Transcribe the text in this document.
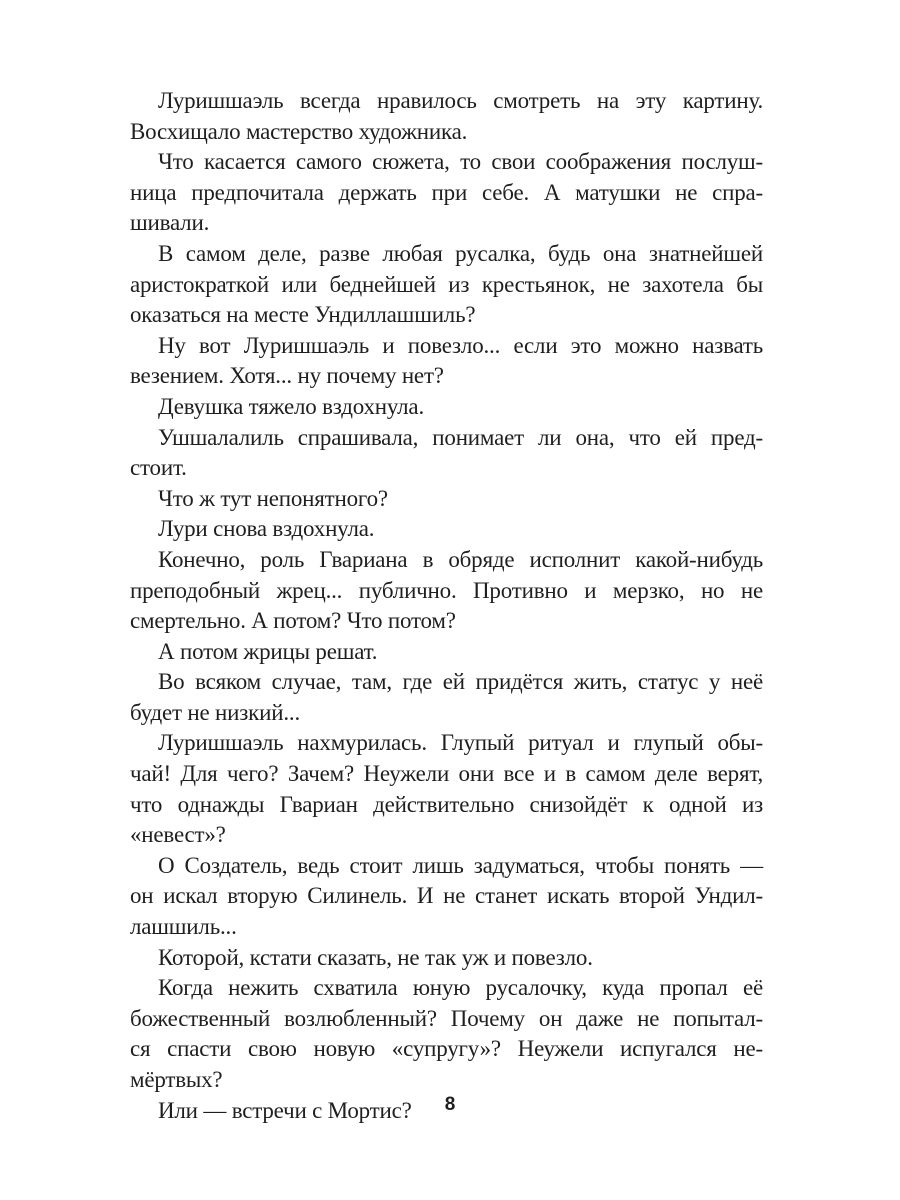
Луришшаэль всегда нравилось смотреть на эту картину.
Восхищало мастерство художника.
Что касается самого сюжета, то свои соображения послуш-
ница предпочитала держать при себе. А матушки не спра-
шивали.
В самом деле, разве любая русалка, будь она знатнейшей
аристократкой или беднейшей из крестьянок, не захотела бы
оказаться на месте Ундиллашшиль?
Ну вот Луришшаэль и повезло... если это можно назвать
везением. Хотя... ну почему нет?
Девушка тяжело вздохнула.
Ушшалалиль спрашивала, понимает ли она, что ей пред-
стоит.
Что ж тут непонятного?
Лури снова вздохнула.
Конечно, роль Гвариана в обряде исполнит какой-нибудь
преподобный жрец... публично. Противно и мерзко, но не
смертельно. А потом? Что потом?
А потом жрицы решат.
Во всяком случае, там, где ей придётся жить, статус у неё
будет не низкий...
Луришшаэль нахмурилась. Глупый ритуал и глупый обы-
чай! Для чего? Зачем? Неужели они все и в самом деле верят,
что однажды Гвариан действительно снизойдёт к одной из
«невест»?
О Создатель, ведь стоит лишь задуматься, чтобы понять —
он искал вторую Силинель. И не станет искать второй Ундил-
лашшиль...
Которой, кстати сказать, не так уж и повезло.
Когда нежить схватила юную русалочку, куда пропал её
божественный возлюбленный? Почему он даже не попытал-
ся спасти свою новую «супругу»? Неужели испугался не-
мёртвых?
Или — встречи с Мортис?	8
